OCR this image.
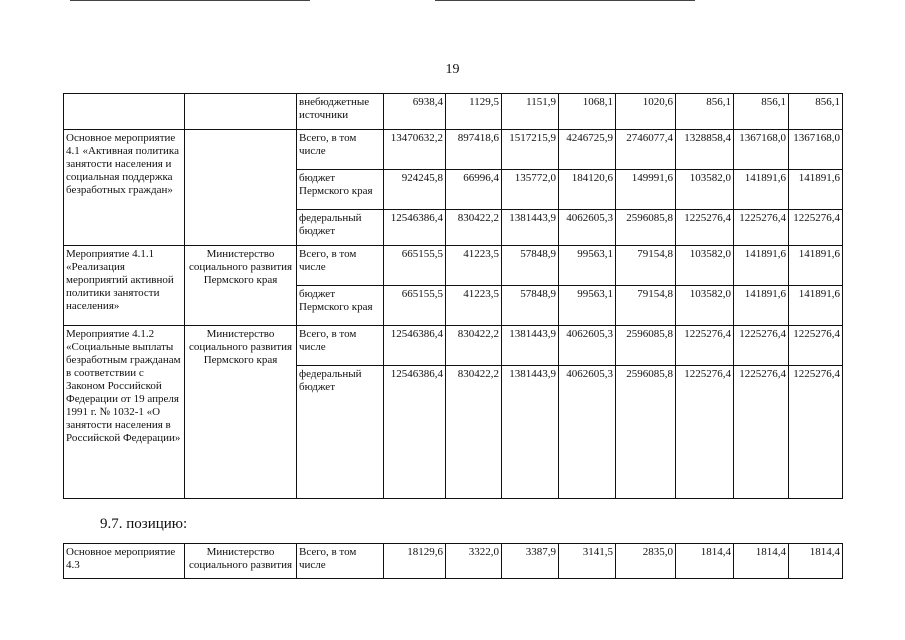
19
		внебюджетные источники	6938,4	1129,5	1151,9	1068,1	1020,6	856,1	856,1	856,1
Основное мероприятие 4.1 «Активная политика занятости населения и социальная поддержка безработных граждан»		Всего, в том числе	13470632,2	897418,6	1517215,9	4246725,9	2746077,4	1328858,4	1367168,0	1367168,0
		бюджет Пермского края	924245,8	66996,4	135772,0	184120,6	149991,6	103582,0	141891,6	141891,6
		федеральный бюджет	12546386,4	830422,2	1381443,9	4062605,3	2596085,8	1225276,4	1225276,4	1225276,4
Мероприятие 4.1.1 «Реализация мероприятий активной политики занятости населения»	Министерство социального развития Пермского края	Всего, в том числе	665155,5	41223,5	57848,9	99563,1	79154,8	103582,0	141891,6	141891,6
		бюджет Пермского края	665155,5	41223,5	57848,9	99563,1	79154,8	103582,0	141891,6	141891,6
Мероприятие 4.1.2 «Социальные выплаты безработным гражданам в соответствии с Законом Российской Федерации от 19 апреля 1991 г. № 1032-1 «О занятости населения в Российской Федерации»	Министерство социального развития Пермского края	Всего, в том числе	12546386,4	830422,2	1381443,9	4062605,3	2596085,8	1225276,4	1225276,4	1225276,4
		федеральный бюджет	12546386,4	830422,2	1381443,9	4062605,3	2596085,8	1225276,4	1225276,4	1225276,4
9.7. позицию:
Основное мероприятие 4.3	Министерство социального развития	Всего, в том числе	18129,6	3322,0	3387,9	3141,5	2835,0	1814,4	1814,4	1814,4
